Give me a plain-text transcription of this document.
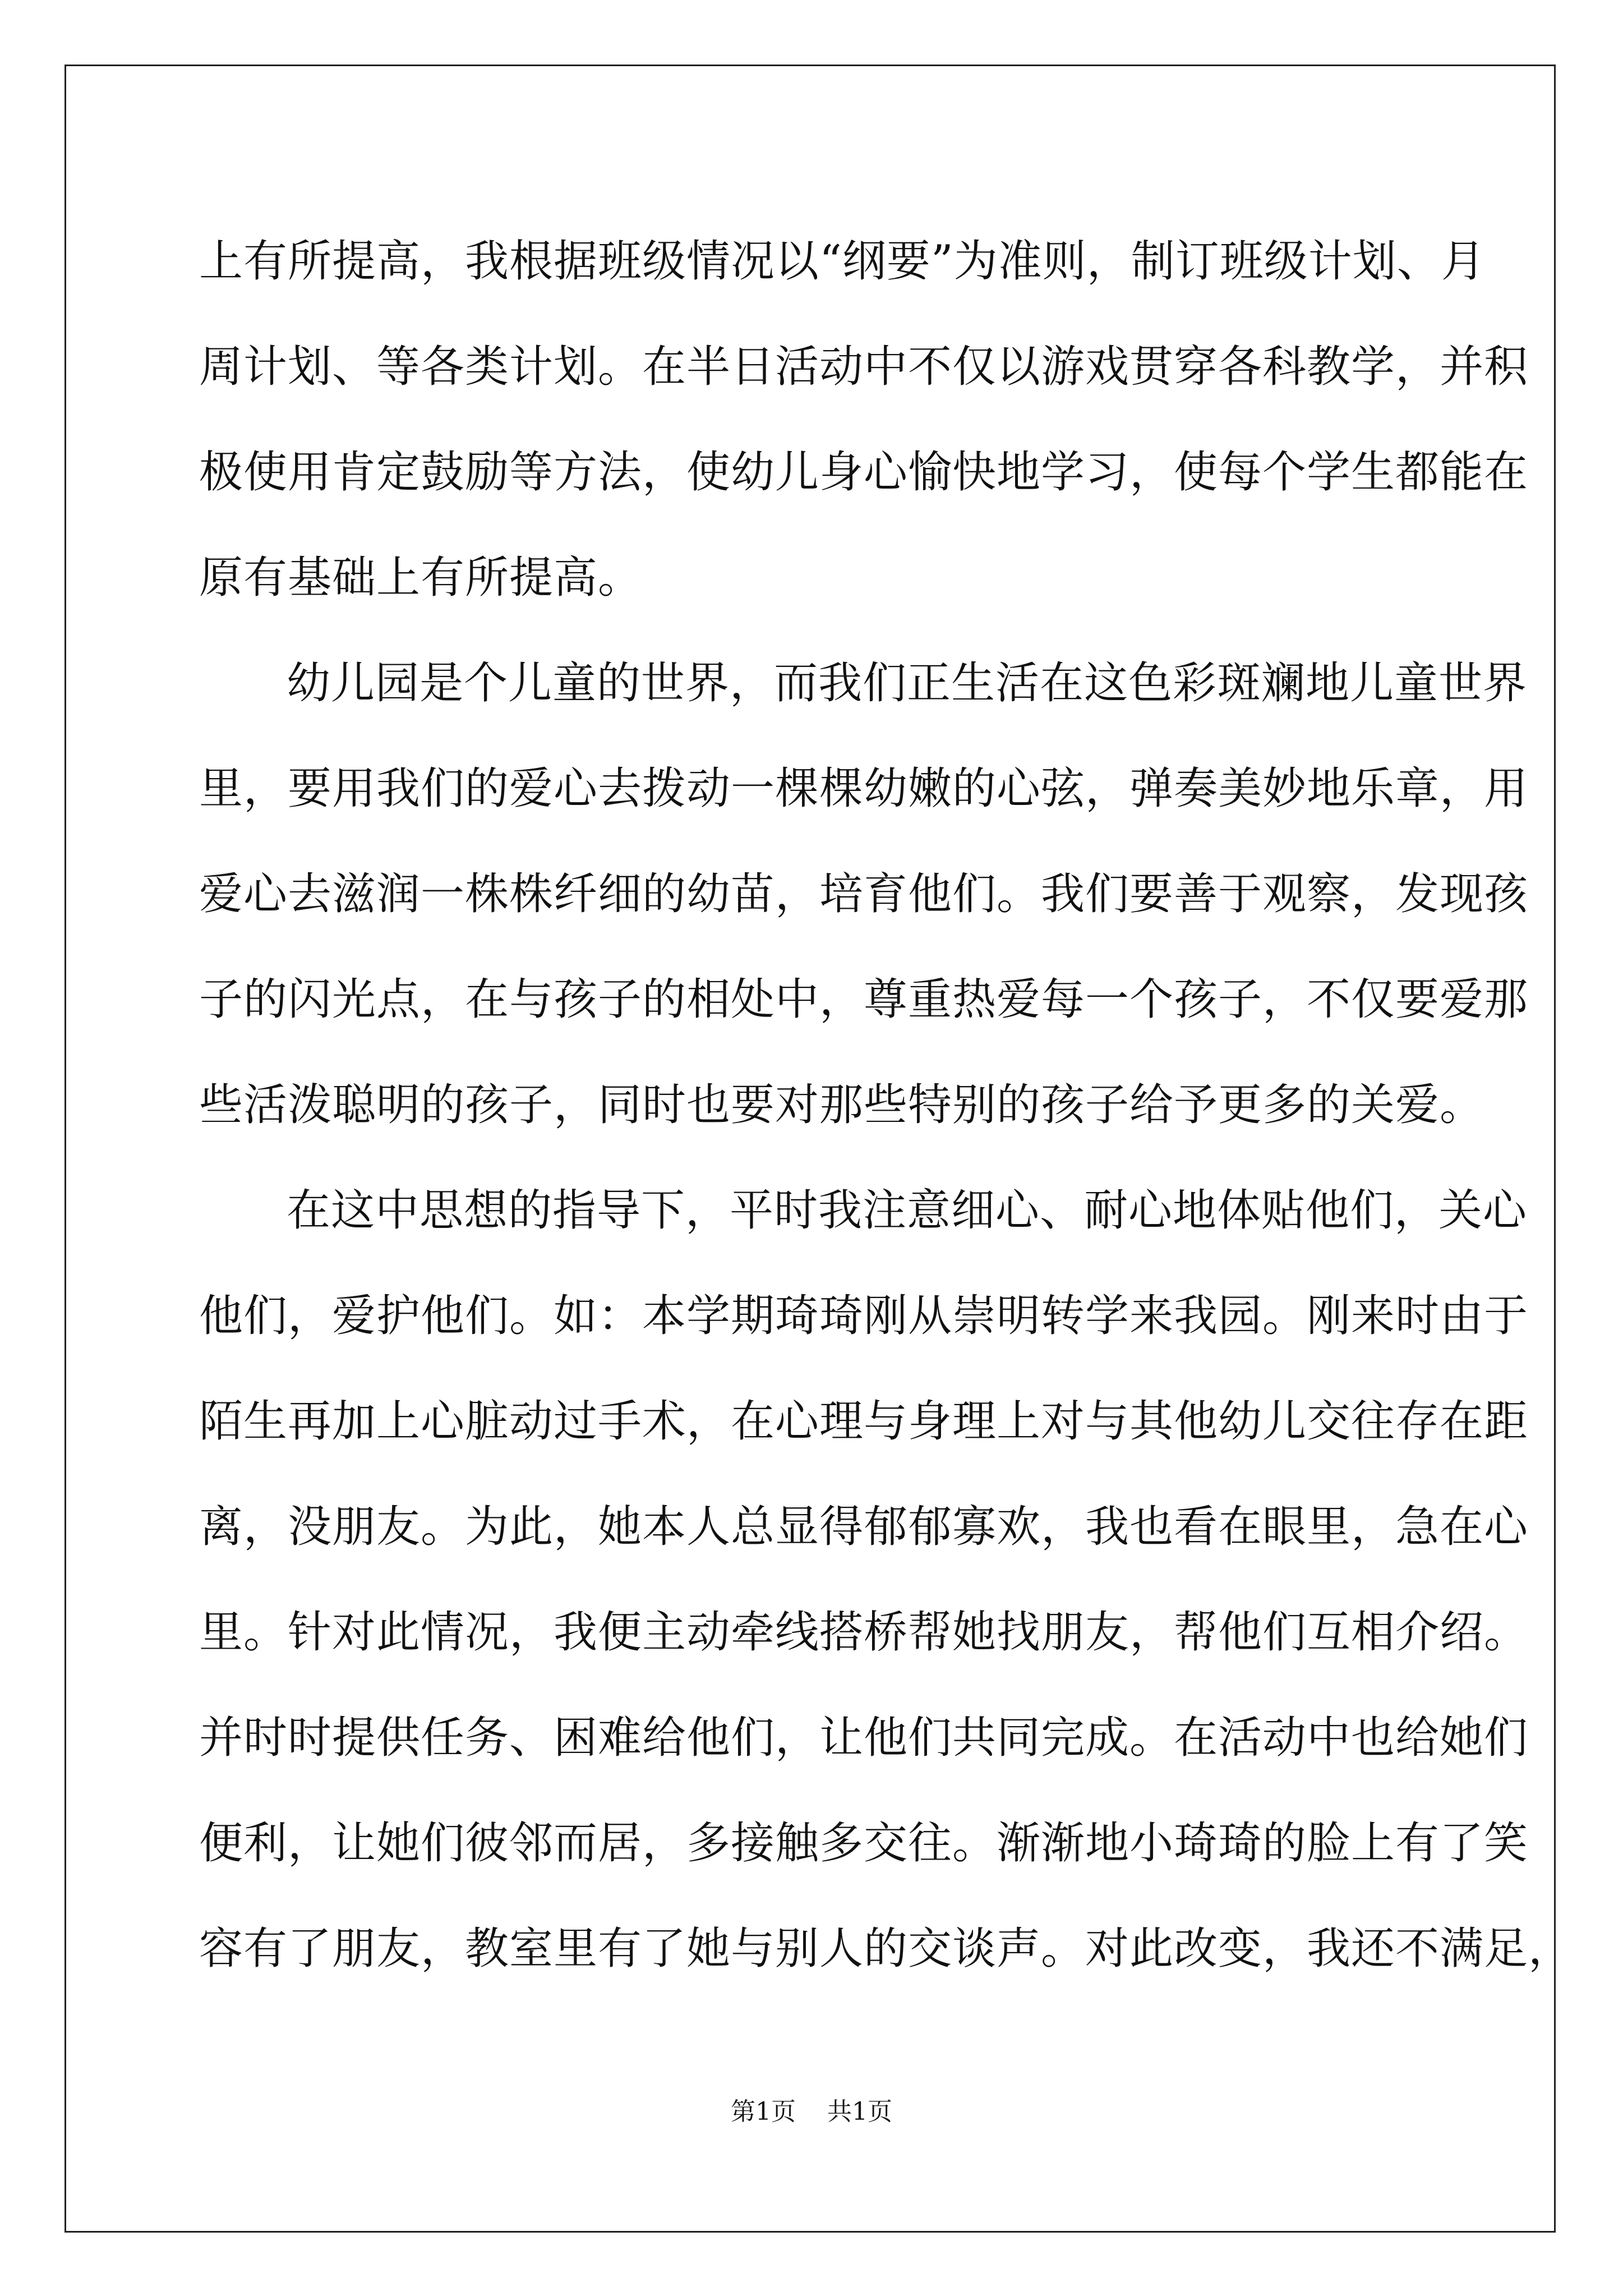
上有所提高，我根据班级情况以“纲要”为准则，制订班级计划、月
周计划、等各类计划。在半日活动中不仅以游戏贯穿各科教学，并积
极使用肯定鼓励等方法，使幼儿身心愉快地学习，使每个学生都能在
原有基础上有所提高。
幼儿园是个儿童的世界，而我们正生活在这色彩斑斓地儿童世界
里，要用我们的爱心去拨动一棵棵幼嫩的心弦，弹奏美妙地乐章，用
爱心去滋润一株株纤细的幼苗，培育他们。我们要善于观察，发现孩
子的闪光点，在与孩子的相处中，尊重热爱每一个孩子，不仅要爱那
些活泼聪明的孩子，同时也要对那些特别的孩子给予更多的关爱。
在这中思想的指导下，平时我注意细心、耐心地体贴他们，关心
他们，爱护他们。如：本学期琦琦刚从崇明转学来我园。刚来时由于
陌生再加上心脏动过手术，在心理与身理上对与其他幼儿交往存在距
离，没朋友。为此，她本人总显得郁郁寡欢，我也看在眼里，急在心
里。针对此情况，我便主动牵线搭桥帮她找朋友，帮他们互相介绍。
并时时提供任务、困难给他们，让他们共同完成。在活动中也给她们
便利，让她们彼邻而居，多接触多交往。渐渐地小琦琦的脸上有了笑
容有了朋友，教室里有了她与别人的交谈声。对此改变，我还不满足，
第1页 共1页
